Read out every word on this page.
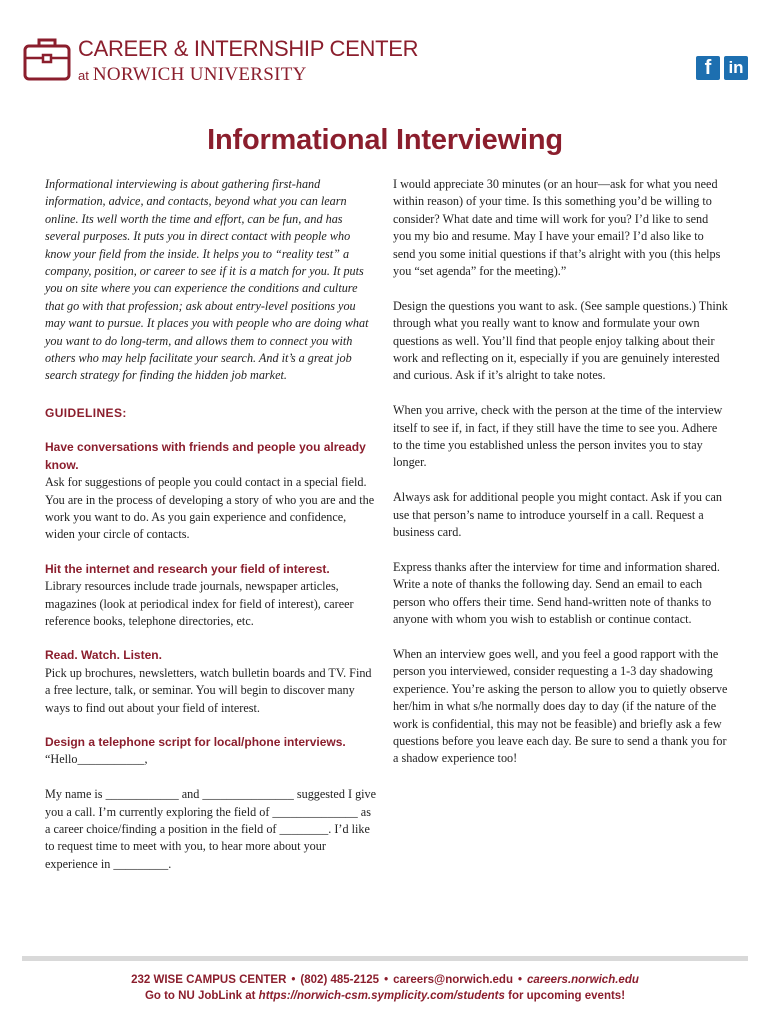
CAREER & INTERNSHIP CENTER
at NORWICH UNIVERSITY	f	in
Informational Interviewing

Informational interviewing is about gathering first-hand information, advice, and contacts, beyond what you can learn online. Its well worth the time and effort, can be fun, and has several purposes. It puts you in direct contact with people who know your field from the inside. It helps you to “reality test” a company, position, or career to see if it is a match for you. It puts you on site where you can experience the conditions and culture that go with that profession; ask about entry-level positions you may want to pursue. It places you with people who are doing what you want to do long-term, and allows them to connect you with others who may help facilitate your search. And it’s a great job search strategy for finding the hidden job market.

GUIDELINES:
Have conversations with friends and people you already know.

Ask for suggestions of people you could contact in a special field. You are in the process of developing a story of who you are and the work you want to do. As you gain experience and confidence, widen your circle of contacts.

Hit the internet and research your field of interest.

Library resources include trade journals, newspaper articles, magazines (look at periodical index for field of interest), career reference books, telephone directories, etc.

Read. Watch. Listen.

Pick up brochures, newsletters, watch bulletin boards and TV. Find a free lecture, talk, or seminar. You will begin to discover many ways to find out about your field of interest.

Design a telephone script for local/phone interviews.

“Hello___________,

My name is ____________ and _______________ suggested I give you a call. I’m currently exploring the field of ______________ as a career choice/finding a position in the field of ________. I’d like to request time to meet with you, to hear more about your experience in _________.

I would appreciate 30 minutes (or an hour—ask for what you need within reason) of your time. Is this something you’d be willing to consider? What date and time will work for you? I’d like to send you my bio and resume. May I have your email? I’d also like to send you some initial questions if that’s alright with you (this helps you “set agenda” for the meeting).”

Design the questions you want to ask. (See sample questions.) Think through what you really want to know and formulate your own questions as well. You’ll find that people enjoy talking about their work and reflecting on it, especially if you are genuinely interested and curious. Ask if it’s alright to take notes.

When you arrive, check with the person at the time of the interview itself to see if, in fact, if they still have the time to see you. Adhere to the time you established unless the person invites you to stay longer.

Always ask for additional people you might contact. Ask if you can use that person’s name to introduce yourself in a call. Request a business card.

Express thanks after the interview for time and information shared. Write a note of thanks the following day. Send an email to each person who offers their time. Send hand-written note of thanks to anyone with whom you wish to establish or continue contact.

When an interview goes well, and you feel a good rapport with the person you interviewed, consider requesting a 1-3 day shadowing experience. You’re asking the person to allow you to quietly observe her/him in what s/he normally does day to day (if the nature of the work is confidential, this may not be feasible) and briefly ask a few questions before you leave each day. Be sure to send a thank you for a shadow experience too!

232 WISE CAMPUS CENTER • (802) 485-2125 • careers@norwich.edu • careers.norwich.edu
Go to NU JobLink at https://norwich-csm.symplicity.com/students for upcoming events!
